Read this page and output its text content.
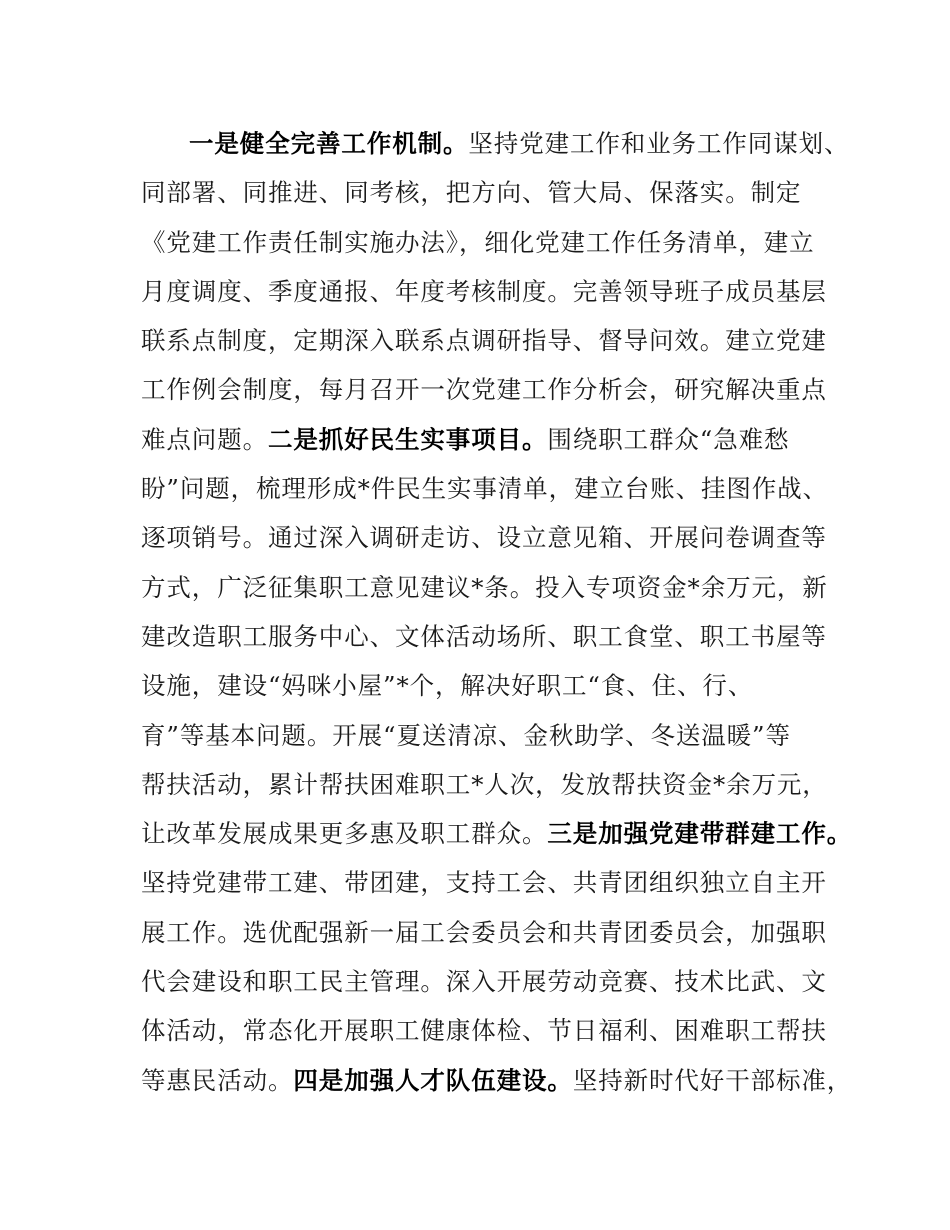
一是健全完善工作机制。坚持党建工作和业务工作同谋划、
同部署、同推进、同考核，把方向、管大局、保落实。制定
《党建工作责任制实施办法》，细化党建工作任务清单，建立
月度调度、季度通报、年度考核制度。完善领导班子成员基层
联系点制度，定期深入联系点调研指导、督导问效。建立党建
工作例会制度，每月召开一次党建工作分析会，研究解决重点
难点问题。二是抓好民生实事项目。围绕职工群众“急难愁
盼”问题，梳理形成*件民生实事清单，建立台账、挂图作战、
逐项销号。通过深入调研走访、设立意见箱、开展问卷调查等
方式，广泛征集职工意见建议*条。投入专项资金*余万元，新
建改造职工服务中心、文体活动场所、职工食堂、职工书屋等
设施，建设“妈咪小屋”*个，解决好职工“食、住、行、
育”等基本问题。开展“夏送清凉、金秋助学、冬送温暖”等
帮扶活动，累计帮扶困难职工*人次，发放帮扶资金*余万元，
让改革发展成果更多惠及职工群众。三是加强党建带群建工作。
坚持党建带工建、带团建，支持工会、共青团组织独立自主开
展工作。选优配强新一届工会委员会和共青团委员会，加强职
代会建设和职工民主管理。深入开展劳动竞赛、技术比武、文
体活动，常态化开展职工健康体检、节日福利、困难职工帮扶
等惠民活动。四是加强人才队伍建设。坚持新时代好干部标准，
